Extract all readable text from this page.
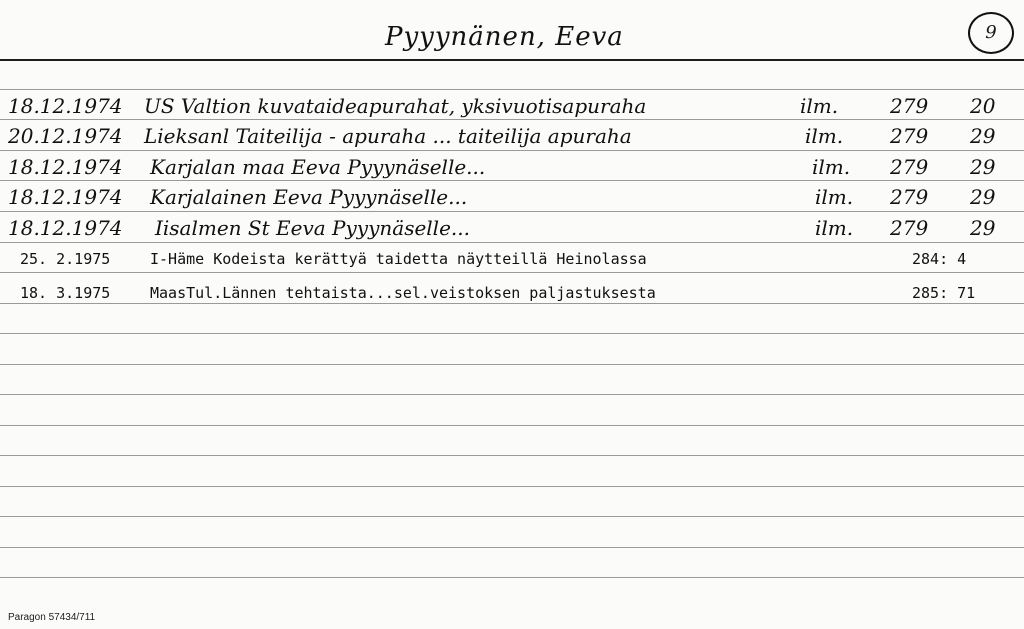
Pyyynänen, Eeva	9
18.12.1974 US Valtion kuvataideapurahat, yksivuotisapuraha	ilm.	279 20
20.12.1974 Lieksanl Taiteilija - apuraha ... taiteilija apuraha	ilm. 279 29
18.12.1974 Karjalan maa Eeva Pyyynäselle...	ilm. 279 29
18.12.1974 Karjalainen Eeva Pyyynäselle...	ilm. 279 29
18.12.1974 Iisalmen St Eeva Pyyynäselle...	ilm. 279 29
25. 2.1975	I-Häme Kodeista kerättyä taidetta näytteillä Heinolassa	284: 4
18. 3.1975	MaasTul.Lännen tehtaista...sel.veistoksen paljastuksesta	285: 71
Paragon 57434/711
